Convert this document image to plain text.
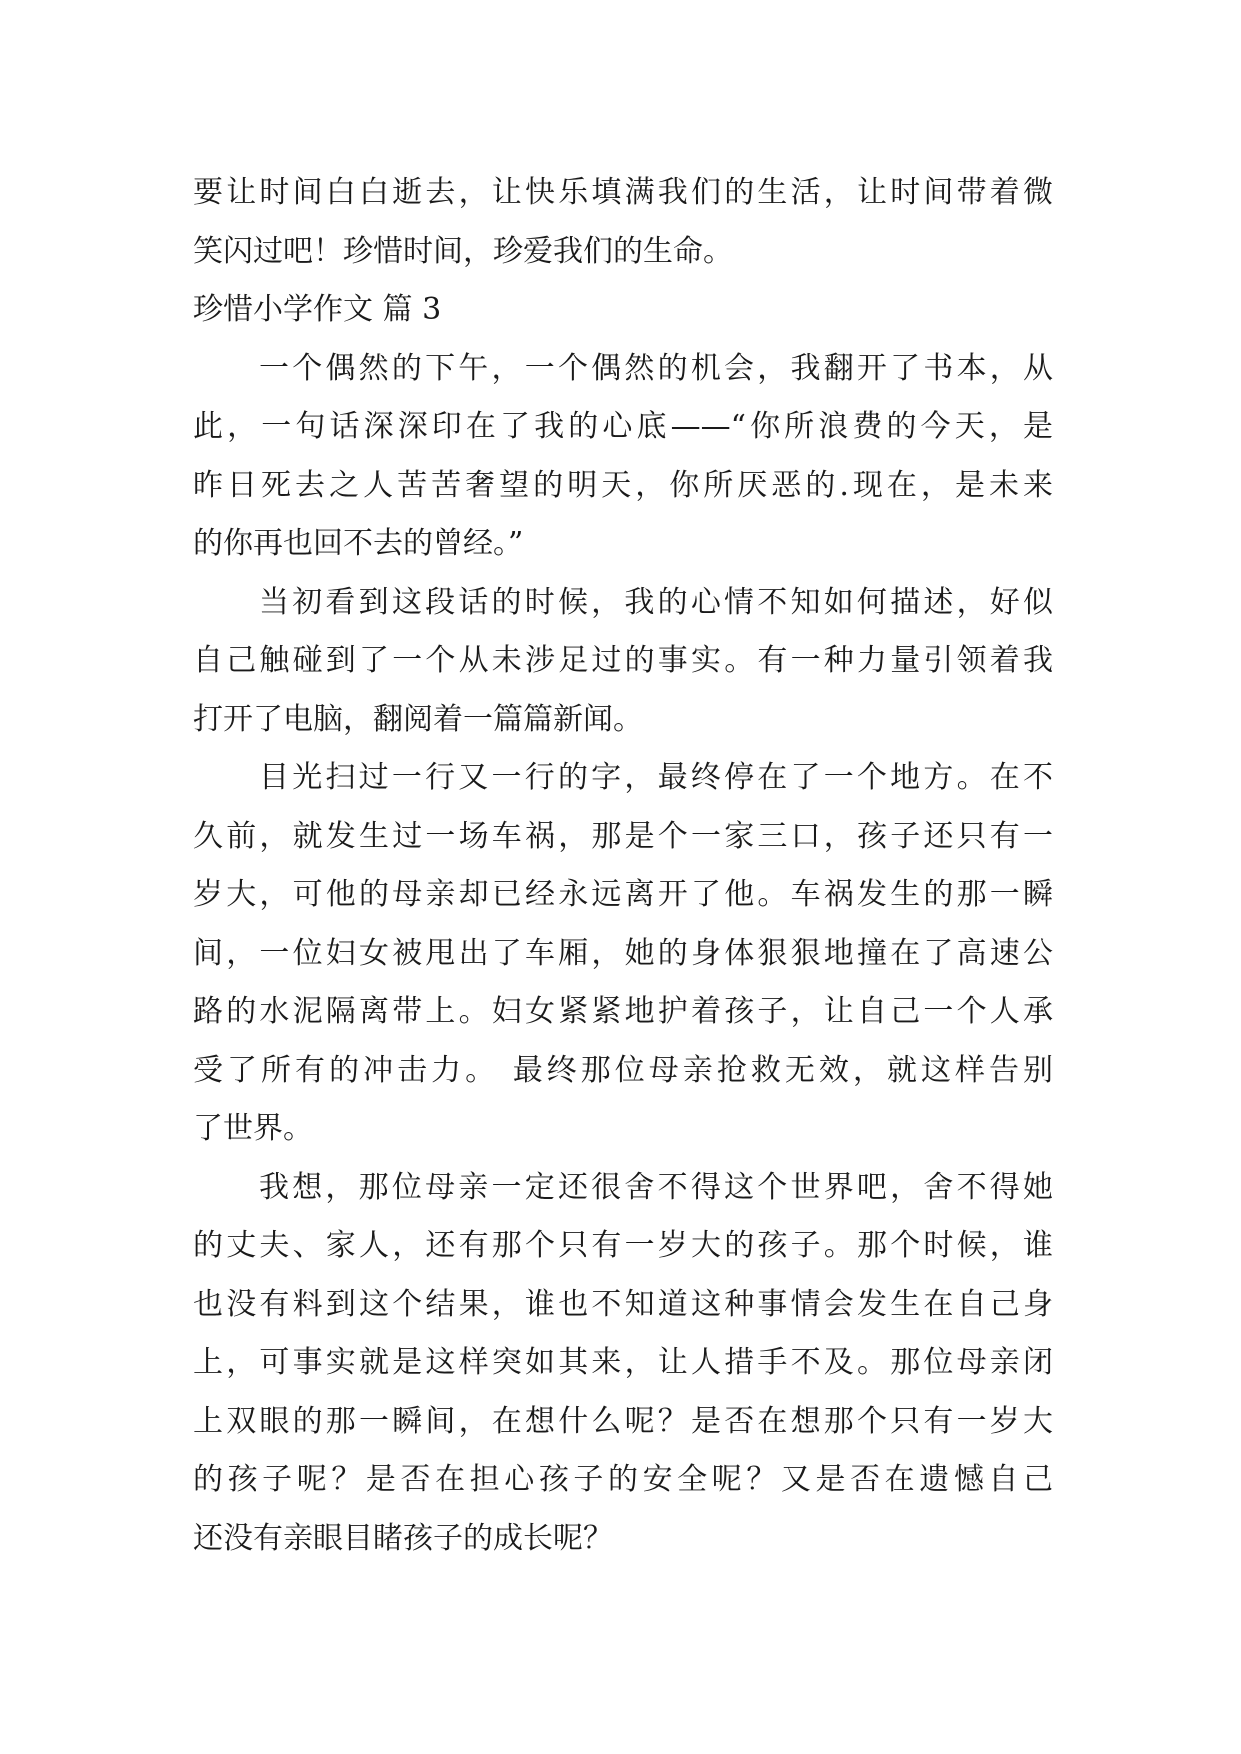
要让时间白白逝去，让快乐填满我们的生活，让时间带着微
笑闪过吧！珍惜时间，珍爱我们的生命。
珍惜小学作文 篇 3
一个偶然的下午，一个偶然的机会，我翻开了书本，从
此，一句话深深印在了我的心底——“你所浪费的今天，是
昨日死去之人苦苦奢望的明天，你所厌恶的.现在，是未来
的你再也回不去的曾经。”
当初看到这段话的时候，我的心情不知如何描述，好似
自己触碰到了一个从未涉足过的事实。有一种力量引领着我
打开了电脑，翻阅着一篇篇新闻。
目光扫过一行又一行的字，最终停在了一个地方。在不
久前，就发生过一场车祸，那是个一家三口，孩子还只有一
岁大，可他的母亲却已经永远离开了他。车祸发生的那一瞬
间，一位妇女被甩出了车厢，她的身体狠狠地撞在了高速公
路的水泥隔离带上。妇女紧紧地护着孩子，让自己一个人承
受了所有的冲击力。 最终那位母亲抢救无效，就这样告别
了世界。
我想，那位母亲一定还很舍不得这个世界吧，舍不得她
的丈夫、家人，还有那个只有一岁大的孩子。那个时候，谁
也没有料到这个结果，谁也不知道这种事情会发生在自己身
上，可事实就是这样突如其来，让人措手不及。那位母亲闭
上双眼的那一瞬间，在想什么呢？是否在想那个只有一岁大
的孩子呢？是否在担心孩子的安全呢？又是否在遗憾自己
还没有亲眼目睹孩子的成长呢？
